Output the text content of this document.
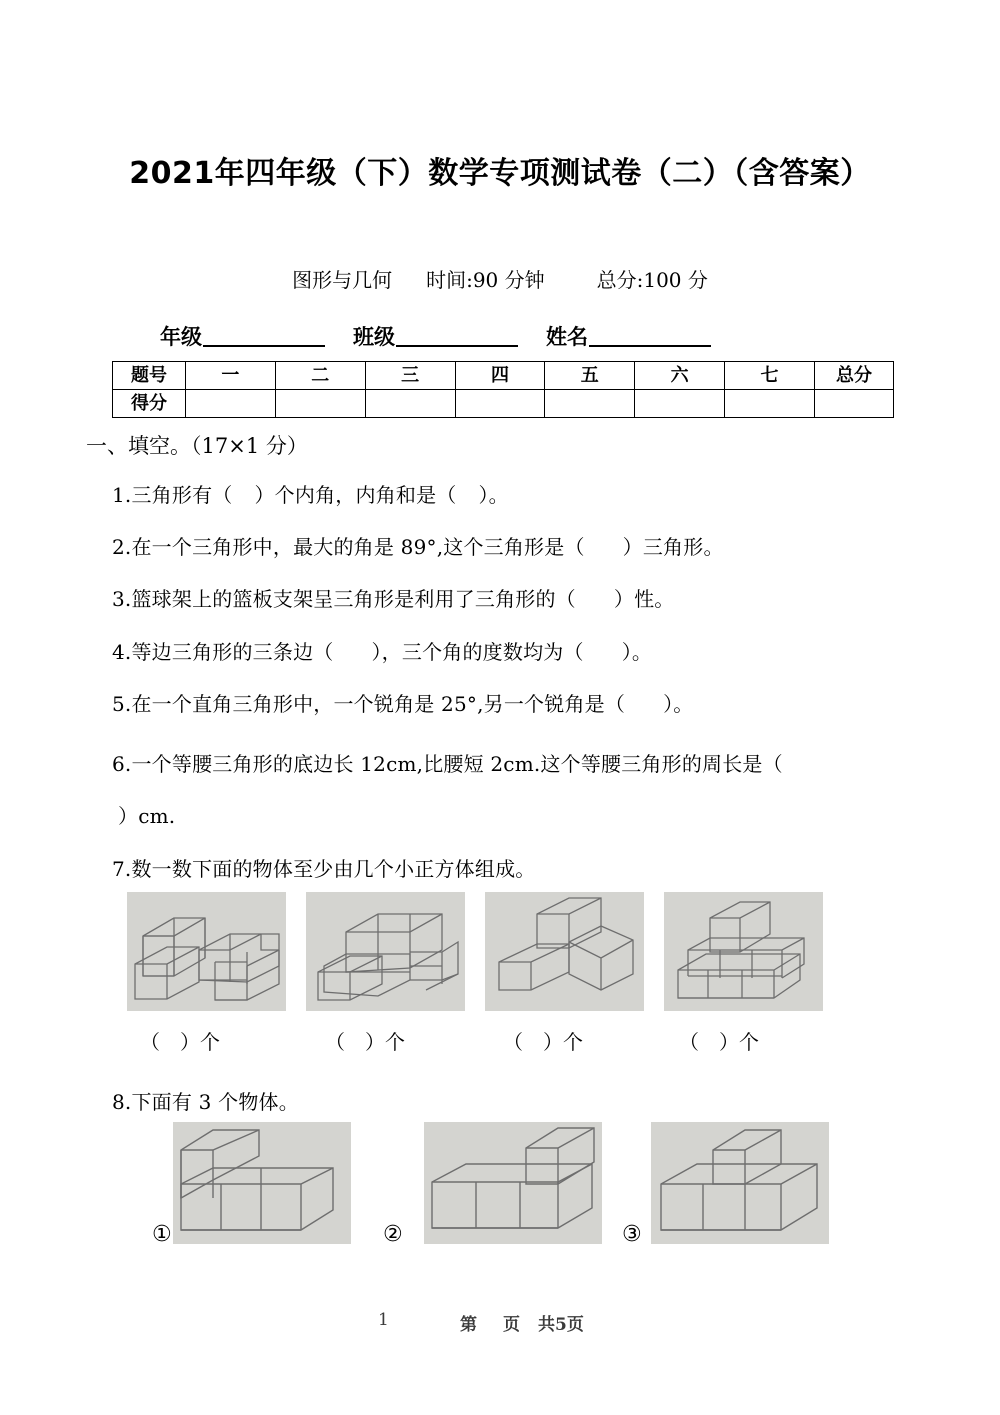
2021年四年级（下）数学专项测试卷（二）（含答案）
图形与几何 时间:90 分钟	总分:100 分
年级	班级	姓名
题号	一	二	三	四	五	六	七	总分
得分								
一、填空。（17×1 分）
1.三角形有（ ）个内角，内角和是（ ）。
2.在一个三角形中，最大的角是 89°,这个三角形是（ ）三角形。
3.篮球架上的篮板支架呈三角形是利用了三角形的（ ）性。
4.等边三角形的三条边（ ），三个角的度数均为（ ）。
5.在一个直角三角形中，一个锐角是 25°,另一个锐角是（ ）。
6.一个等腰三角形的底边长 12cm,比腰短 2cm.这个等腰三角形的周长是（
）cm.
7.数一数下面的物体至少由几个小正方体组成。
（　）个	（　）个	（　）个	（　）个
8.下面有 3 个物体。
①	②	③
1	第 页 共5页
